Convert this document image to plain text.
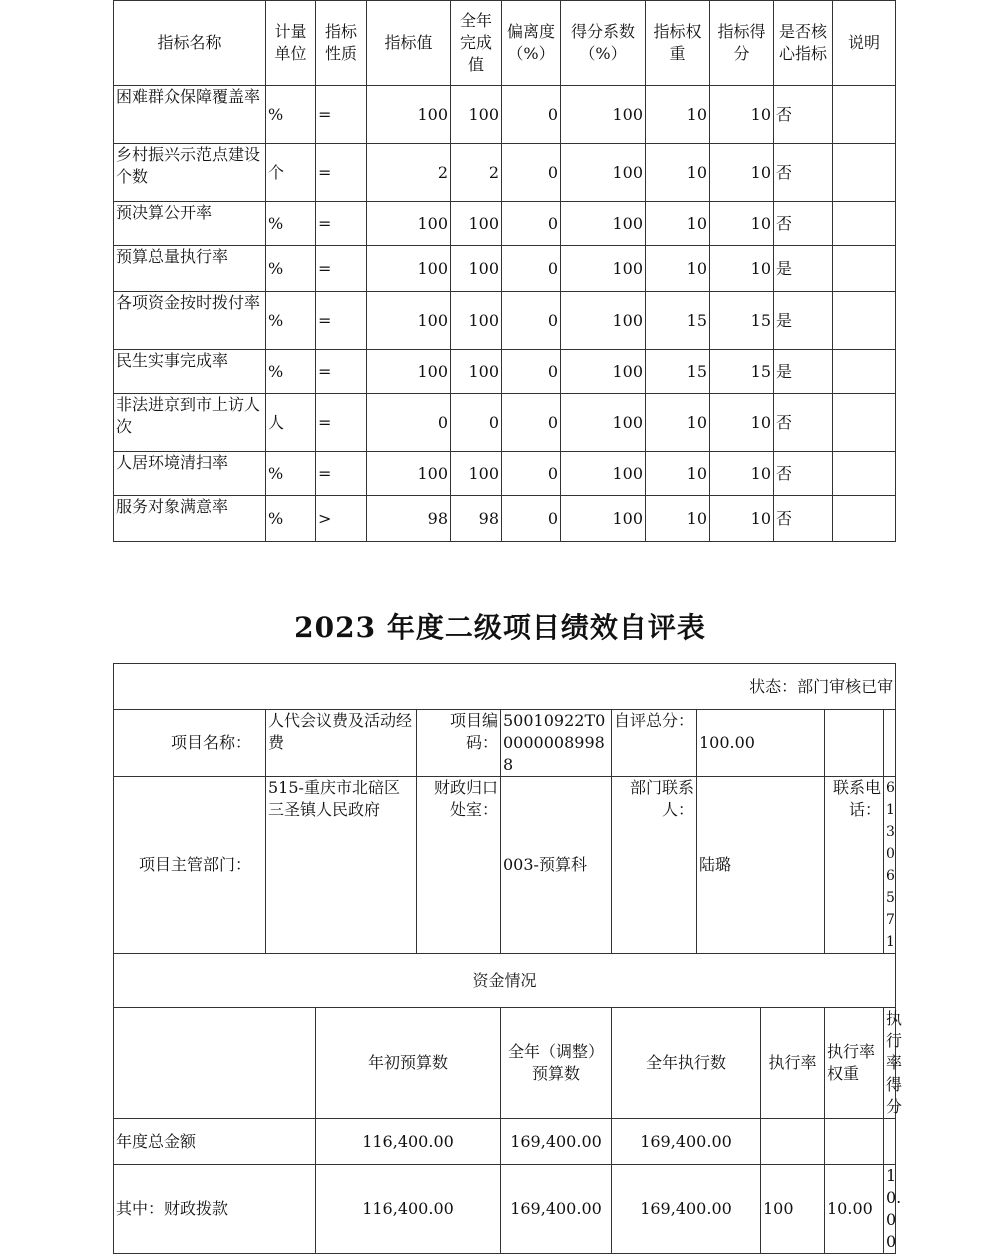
指标名称	计量单位	指标性质	指标值	全年完成值	偏离度（%）	得分系数（%）	指标权重	指标得分	是否核心指标	说明
困难群众保障覆盖率	%	=	100	100	0	100	10	10	否	
乡村振兴示范点建设个数	个	=	2	2	0	100	10	10	否	
预决算公开率	%	=	100	100	0	100	10	10	否	
预算总量执行率	%	=	100	100	0	100	10	10	是	
各项资金按时拨付率	%	=	100	100	0	100	15	15	是	
民生实事完成率	%	=	100	100	0	100	15	15	是	
非法进京到市上访人次	人	=	0	0	0	100	10	10	否	
人居环境清扫率	%	=	100	100	0	100	10	10	否	
服务对象满意率	%	>	98	98	0	100	10	10	否	
2023 年度二级项目绩效自评表
状态：部门审核已审									
项目名称：	人代会议费及活动经费		项目编码：	50010922T000000089988	自评总分：	100.00			
项目主管部门：	515-重庆市北碚区三圣镇人民政府		财政归口处室：	003-预算科	部门联系人：	陆璐		联系电话：	61306571
资金情况									
		年初预算数		全年（调整）预算数	全年执行数		执行率	执行率权重	执行率得分
年度总金额		116,400.00		169,400.00	169,400.00				
其中：财政拨款		116,400.00		169,400.00	169,400.00		100	10.00	10.00
